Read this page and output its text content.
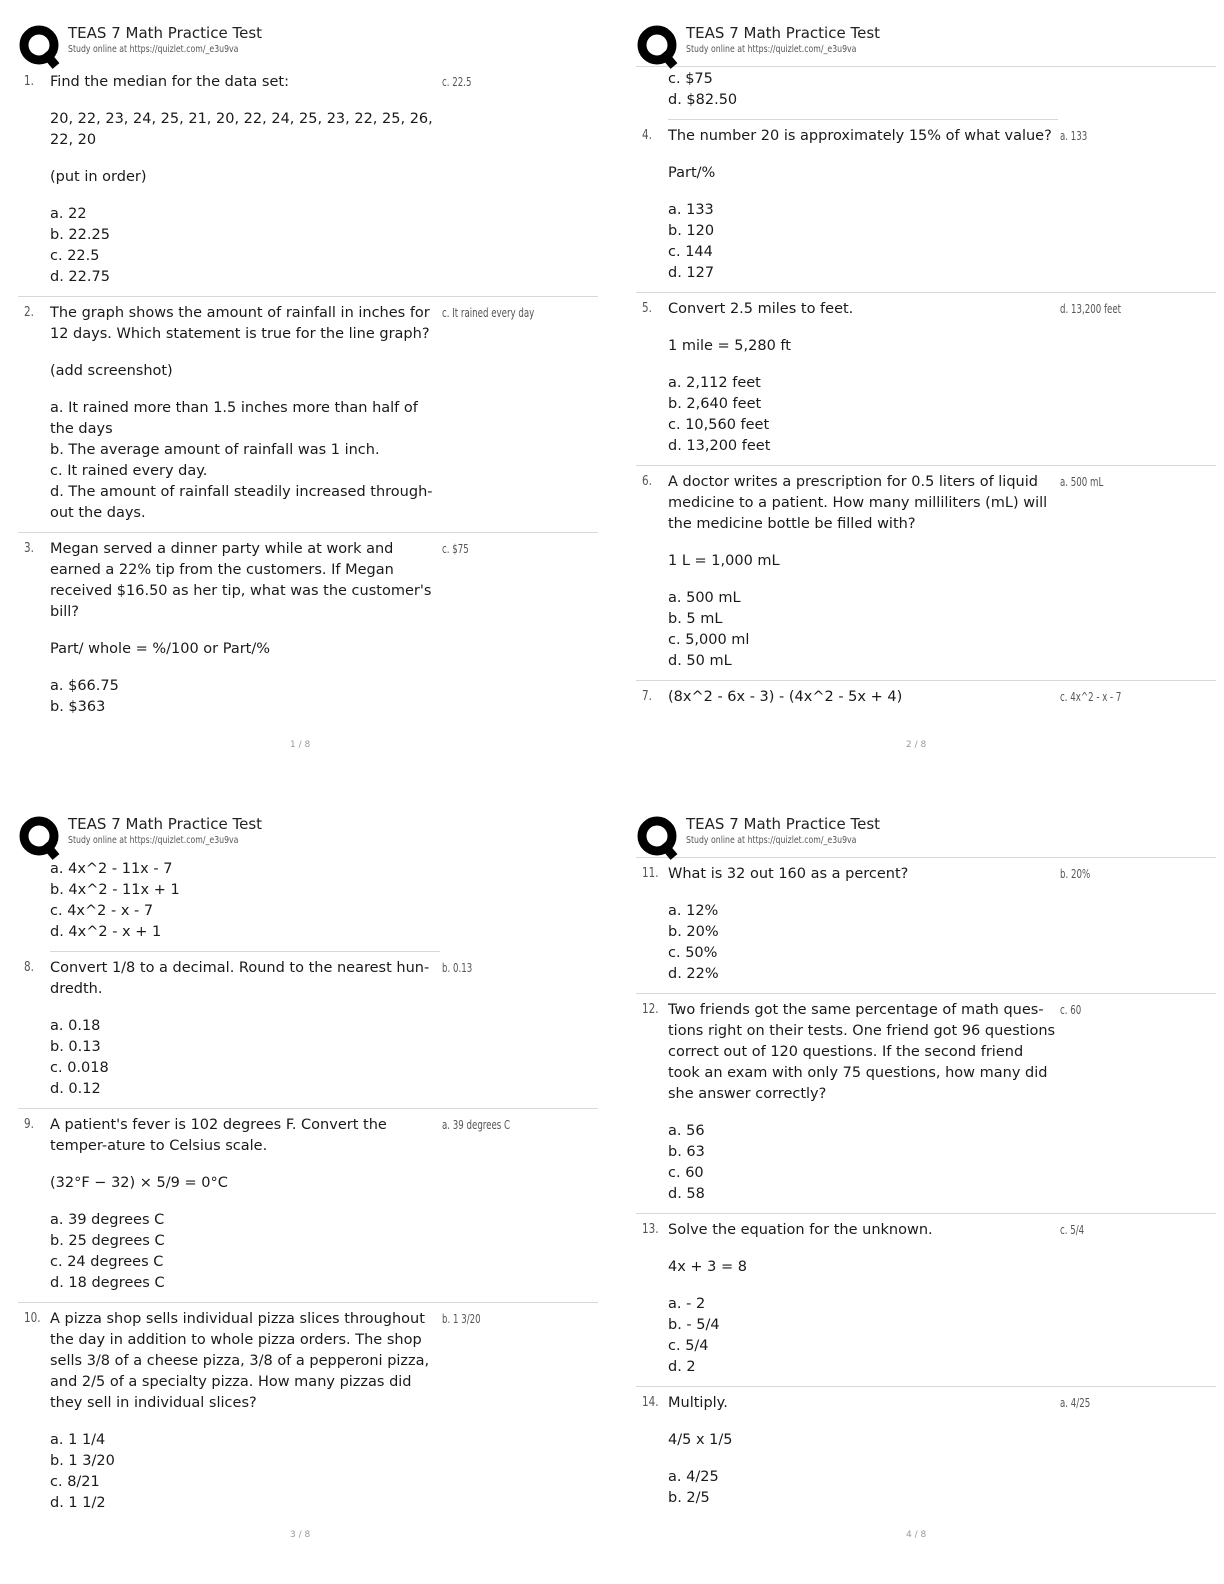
TEAS 7 Math Practice Test
Study online at https://quizlet.com/_e3u9va
1. Find the median for the data set:

20, 22, 23, 24, 25, 21, 20, 22, 24, 25, 23, 22, 25, 26, 22, 20

(put in order)

a. 22

b. 22.25

c. 22.5

d. 22.75

c. 22.5
2. The graph shows the amount of rainfall in inches for 12 days. Which statement is true for the line graph?

(add screenshot)

a. It rained more than 1.5 inches more than half of the days

b. The average amount of rainfall was 1 inch.

c. It rained every day.

d. The amount of rainfall steadily increased through-out the days.

c. It rained every day
3. Megan served a dinner party while at work and earned a 22% tip from the customers. If Megan received $16.50 as her tip, what was the customer's bill?

Part/ whole = %/100 or Part/%

a. $66.75

b. $363

c. $75
1 / 8
TEAS 7 Math Practice Test
Study online at https://quizlet.com/_e3u9va

c. $75

d. $82.50

4. The number 20 is approximately 15% of what value?

Part/%

a. 133

b. 120

c. 144

d. 127

a. 133
5. Convert 2.5 miles to feet.

1 mile = 5,280 ft

a. 2,112 feet

b. 2,640 feet

c. 10,560 feet

d. 13,200 feet

d. 13,200 feet
6. A doctor writes a prescription for 0.5 liters of liquid medicine to a patient. How many milliliters (mL) will the medicine bottle be filled with?

1 L = 1,000 mL

a. 500 mL

b. 5 mL

c. 5,000 ml

d. 50 mL

a. 500 mL
7. (8x^2 - 6x - 3) - (4x^2 - 5x + 4)	c. 4x^2 - x - 7
2 / 8
TEAS 7 Math Practice Test
Study online at https://quizlet.com/_e3u9va

a. 4x^2 - 11x - 7

b. 4x^2 - 11x + 1

c. 4x^2 - x - 7

d. 4x^2 - x + 1

8. Convert 1/8 to a decimal. Round to the nearest hun-dredth.

a. 0.18

b. 0.13

c. 0.018

d. 0.12

b. 0.13
9. A patient's fever is 102 degrees F. Convert the temper-ature to Celsius scale.

(32°F − 32) × 5/9 = 0°C

a. 39 degrees C

b. 25 degrees C

c. 24 degrees C

d. 18 degrees C

a. 39 degrees C
10. A pizza shop sells individual pizza slices throughout the day in addition to whole pizza orders. The shop sells 3/8 of a cheese pizza, 3/8 of a pepperoni pizza, and 2/5 of a specialty pizza. How many pizzas did they sell in individual slices?

a. 1 1/4

b. 1 3/20

c. 8/21

d. 1 1/2

b. 1 3/20
3 / 8
TEAS 7 Math Practice Test
Study online at https://quizlet.com/_e3u9va
11. What is 32 out 160 as a percent?

a. 12%

b. 20%

c. 50%

d. 22%

b. 20%
12. Two friends got the same percentage of math ques-tions right on their tests. One friend got 96 questions correct out of 120 questions. If the second friend took an exam with only 75 questions, how many did she answer correctly?

a. 56

b. 63

c. 60

d. 58

c. 60
13. Solve the equation for the unknown.

4x + 3 = 8

a. - 2

b. - 5/4

c. 5/4

d. 2

c. 5/4
14. Multiply.

4/5 x 1/5

a. 4/25

b. 2/5

a. 4/25
4 / 8
